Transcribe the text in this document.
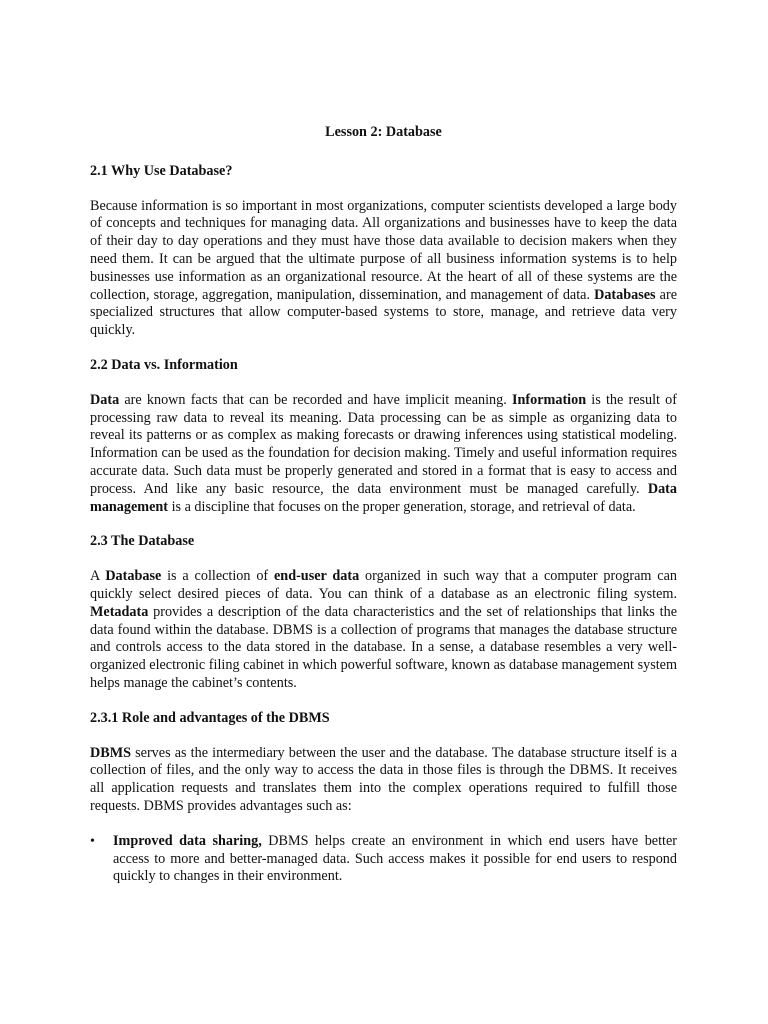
Lesson 2: Database
2.1 Why Use Database?
Because information is so important in most organizations, computer scientists developed a large body of concepts and techniques for managing data. All organizations and businesses have to keep the data of their day to day operations and they must have those data available to decision makers when they need them. It can be argued that the ultimate purpose of all business information systems is to help businesses use information as an organizational resource. At the heart of all of these systems are the collection, storage, aggregation, manipulation, dissemination, and management of data. Databases are specialized structures that allow computer-based systems to store, manage, and retrieve data very quickly.
2.2 Data vs. Information
Data are known facts that can be recorded and have implicit meaning. Information is the result of processing raw data to reveal its meaning. Data processing can be as simple as organizing data to reveal its patterns or as complex as making forecasts or drawing inferences using statistical modeling. Information can be used as the foundation for decision making. Timely and useful information requires accurate data. Such data must be properly generated and stored in a format that is easy to access and process. And like any basic resource, the data environment must be managed carefully. Data management is a discipline that focuses on the proper generation, storage, and retrieval of data.
2.3 The Database
A Database is a collection of end-user data organized in such way that a computer program can quickly select desired pieces of data. You can think of a database as an electronic filing system. Metadata provides a description of the data characteristics and the set of relationships that links the data found within the database. DBMS is a collection of programs that manages the database structure and controls access to the data stored in the database. In a sense, a database resembles a very well-organized electronic filing cabinet in which powerful software, known as database management system helps manage the cabinet’s contents.
2.3.1 Role and advantages of the DBMS
DBMS serves as the intermediary between the user and the database. The database structure itself is a collection of files, and the only way to access the data in those files is through the DBMS. It receives all application requests and translates them into the complex operations required to fulfill those requests. DBMS provides advantages such as:
• Improved data sharing, DBMS helps create an environment in which end users have better access to more and better-managed data. Such access makes it possible for end users to respond quickly to changes in their environment.
